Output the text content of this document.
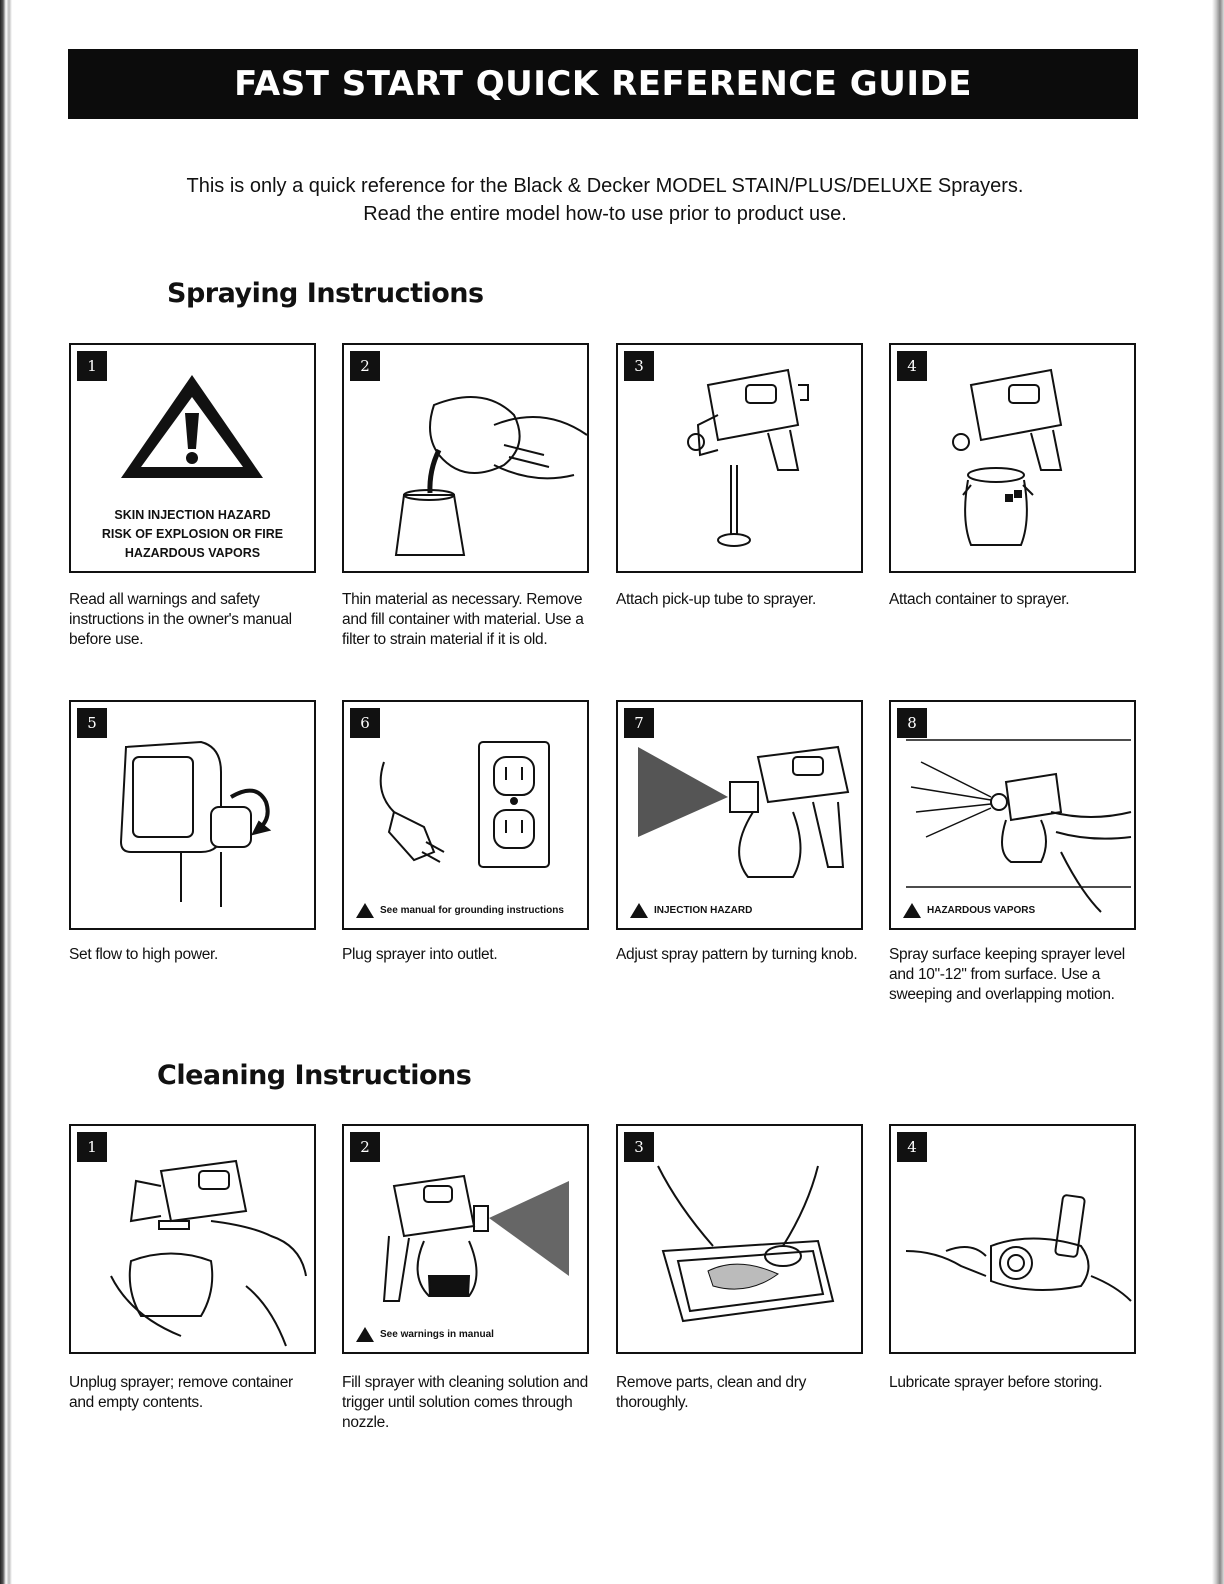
FAST START QUICK REFERENCE GUIDE
This is only a quick reference for the Black & Decker MODEL STAIN/PLUS/DELUXE Sprayers.
Read the entire model how-to use prior to product use.
Spraying Instructions
1
SKIN INJECTION HAZARD
RISK OF EXPLOSION OR FIRE
HAZARDOUS VAPORS
Read all warnings and safety instructions in the owner's manual before use.
2
Thin material as necessary. Remove and fill container with material. Use a filter to strain material if it is old.
3
Attach pick-up tube to sprayer.
4
Attach container to sprayer.
5
Set flow to high power.
6
See manual for grounding instructions
Plug sprayer into outlet.
7
INJECTION HAZARD
Adjust spray pattern by turning knob.
8
HAZARDOUS VAPORS
Spray surface keeping sprayer level and 10"-12" from surface. Use a sweeping and overlapping motion.
Cleaning Instructions
1
Unplug sprayer; remove container and empty contents.
2
See warnings in manual
Fill sprayer with cleaning solution and trigger until solution comes through nozzle.
3
Remove parts, clean and dry thoroughly.
4
Lubricate sprayer before storing.
